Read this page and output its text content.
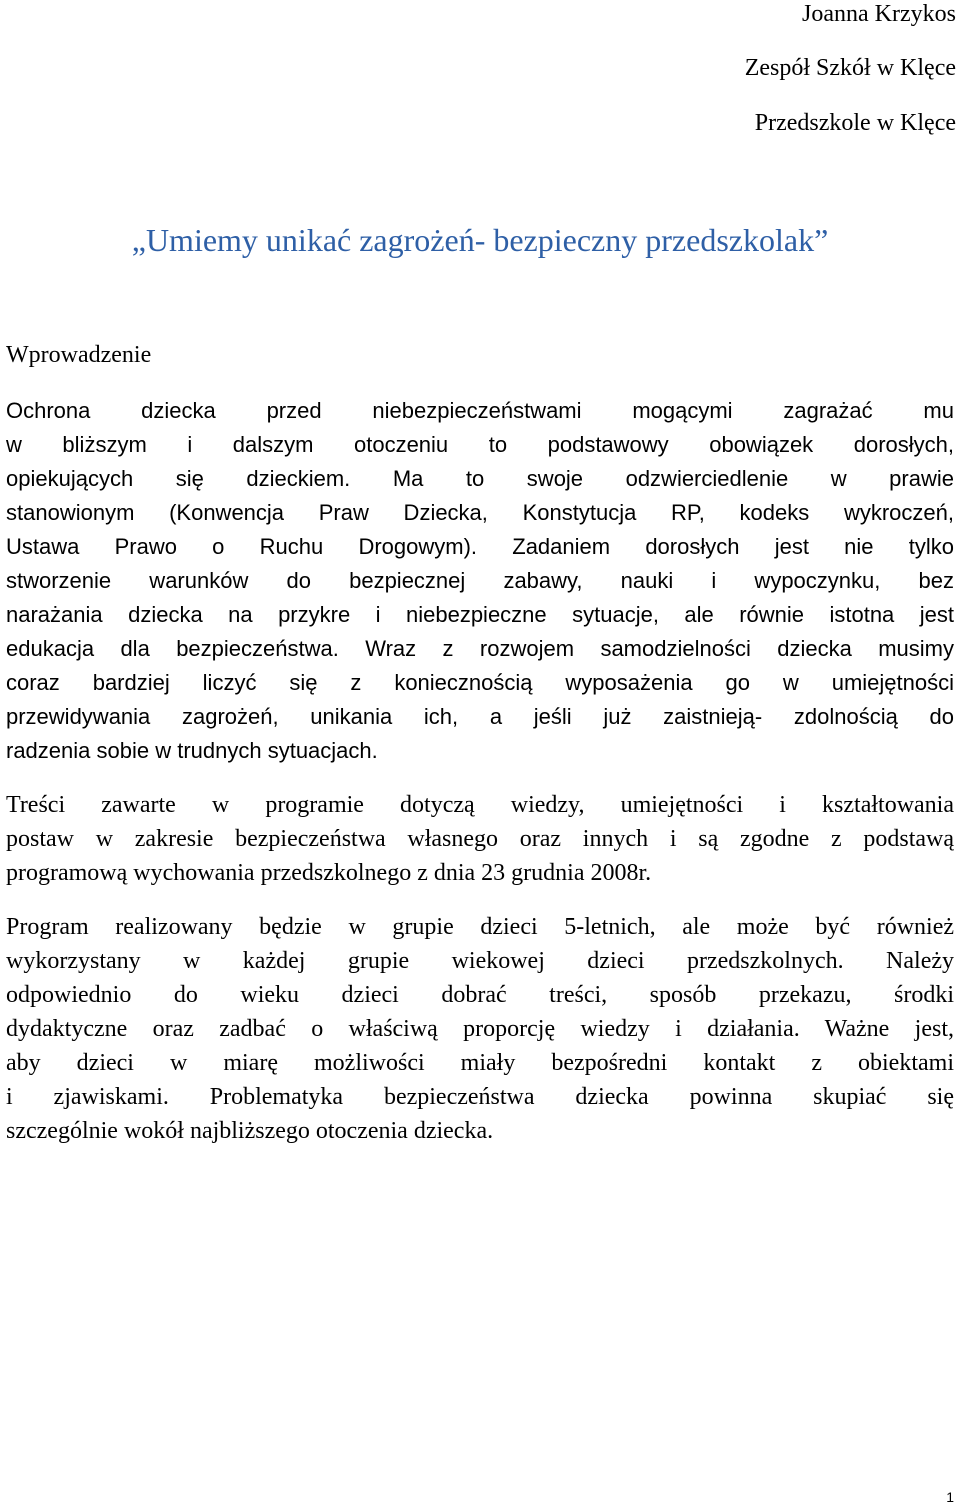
Joanna Krzykos
Zespół Szkół w Klęce
Przedszkole w Klęce
„Umiemy unikać zagrożeń- bezpieczny przedszkolak”
Wprowadzenie
Ochrona dziecka przed niebezpieczeństwami mogącymi zagrażać mu
w bliższym i dalszym otoczeniu to podstawowy obowiązek dorosłych,
opiekujących się dzieckiem. Ma to swoje odzwierciedlenie w prawie
stanowionym (Konwencja Praw Dziecka, Konstytucja RP, kodeks wykroczeń,
Ustawa Prawo o Ruchu Drogowym). Zadaniem dorosłych jest nie tylko
stworzenie warunków do bezpiecznej zabawy, nauki i wypoczynku, bez
narażania dziecka na przykre i niebezpieczne sytuacje, ale równie istotna jest
edukacja dla bezpieczeństwa. Wraz z rozwojem samodzielności dziecka musimy
coraz bardziej liczyć się z koniecznością wyposażenia go w umiejętności
przewidywania zagrożeń, unikania ich, a jeśli już zaistnieją- zdolnością do
radzenia sobie w trudnych sytuacjach.
Treści zawarte w programie dotyczą wiedzy, umiejętności i kształtowania
postaw w zakresie bezpieczeństwa własnego oraz innych i są zgodne z podstawą
programową wychowania przedszkolnego z dnia 23 grudnia 2008r.
Program realizowany będzie w grupie dzieci 5-letnich, ale może być również
wykorzystany w każdej grupie wiekowej dzieci przedszkolnych. Należy
odpowiednio do wieku dzieci dobrać treści, sposób przekazu, środki
dydaktyczne oraz zadbać o właściwą proporcję wiedzy i działania. Ważne jest,
aby dzieci w miarę możliwości miały bezpośredni kontakt z obiektami
i zjawiskami. Problematyka bezpieczeństwa dziecka powinna skupiać się
szczególnie wokół najbliższego otoczenia dziecka.
1
